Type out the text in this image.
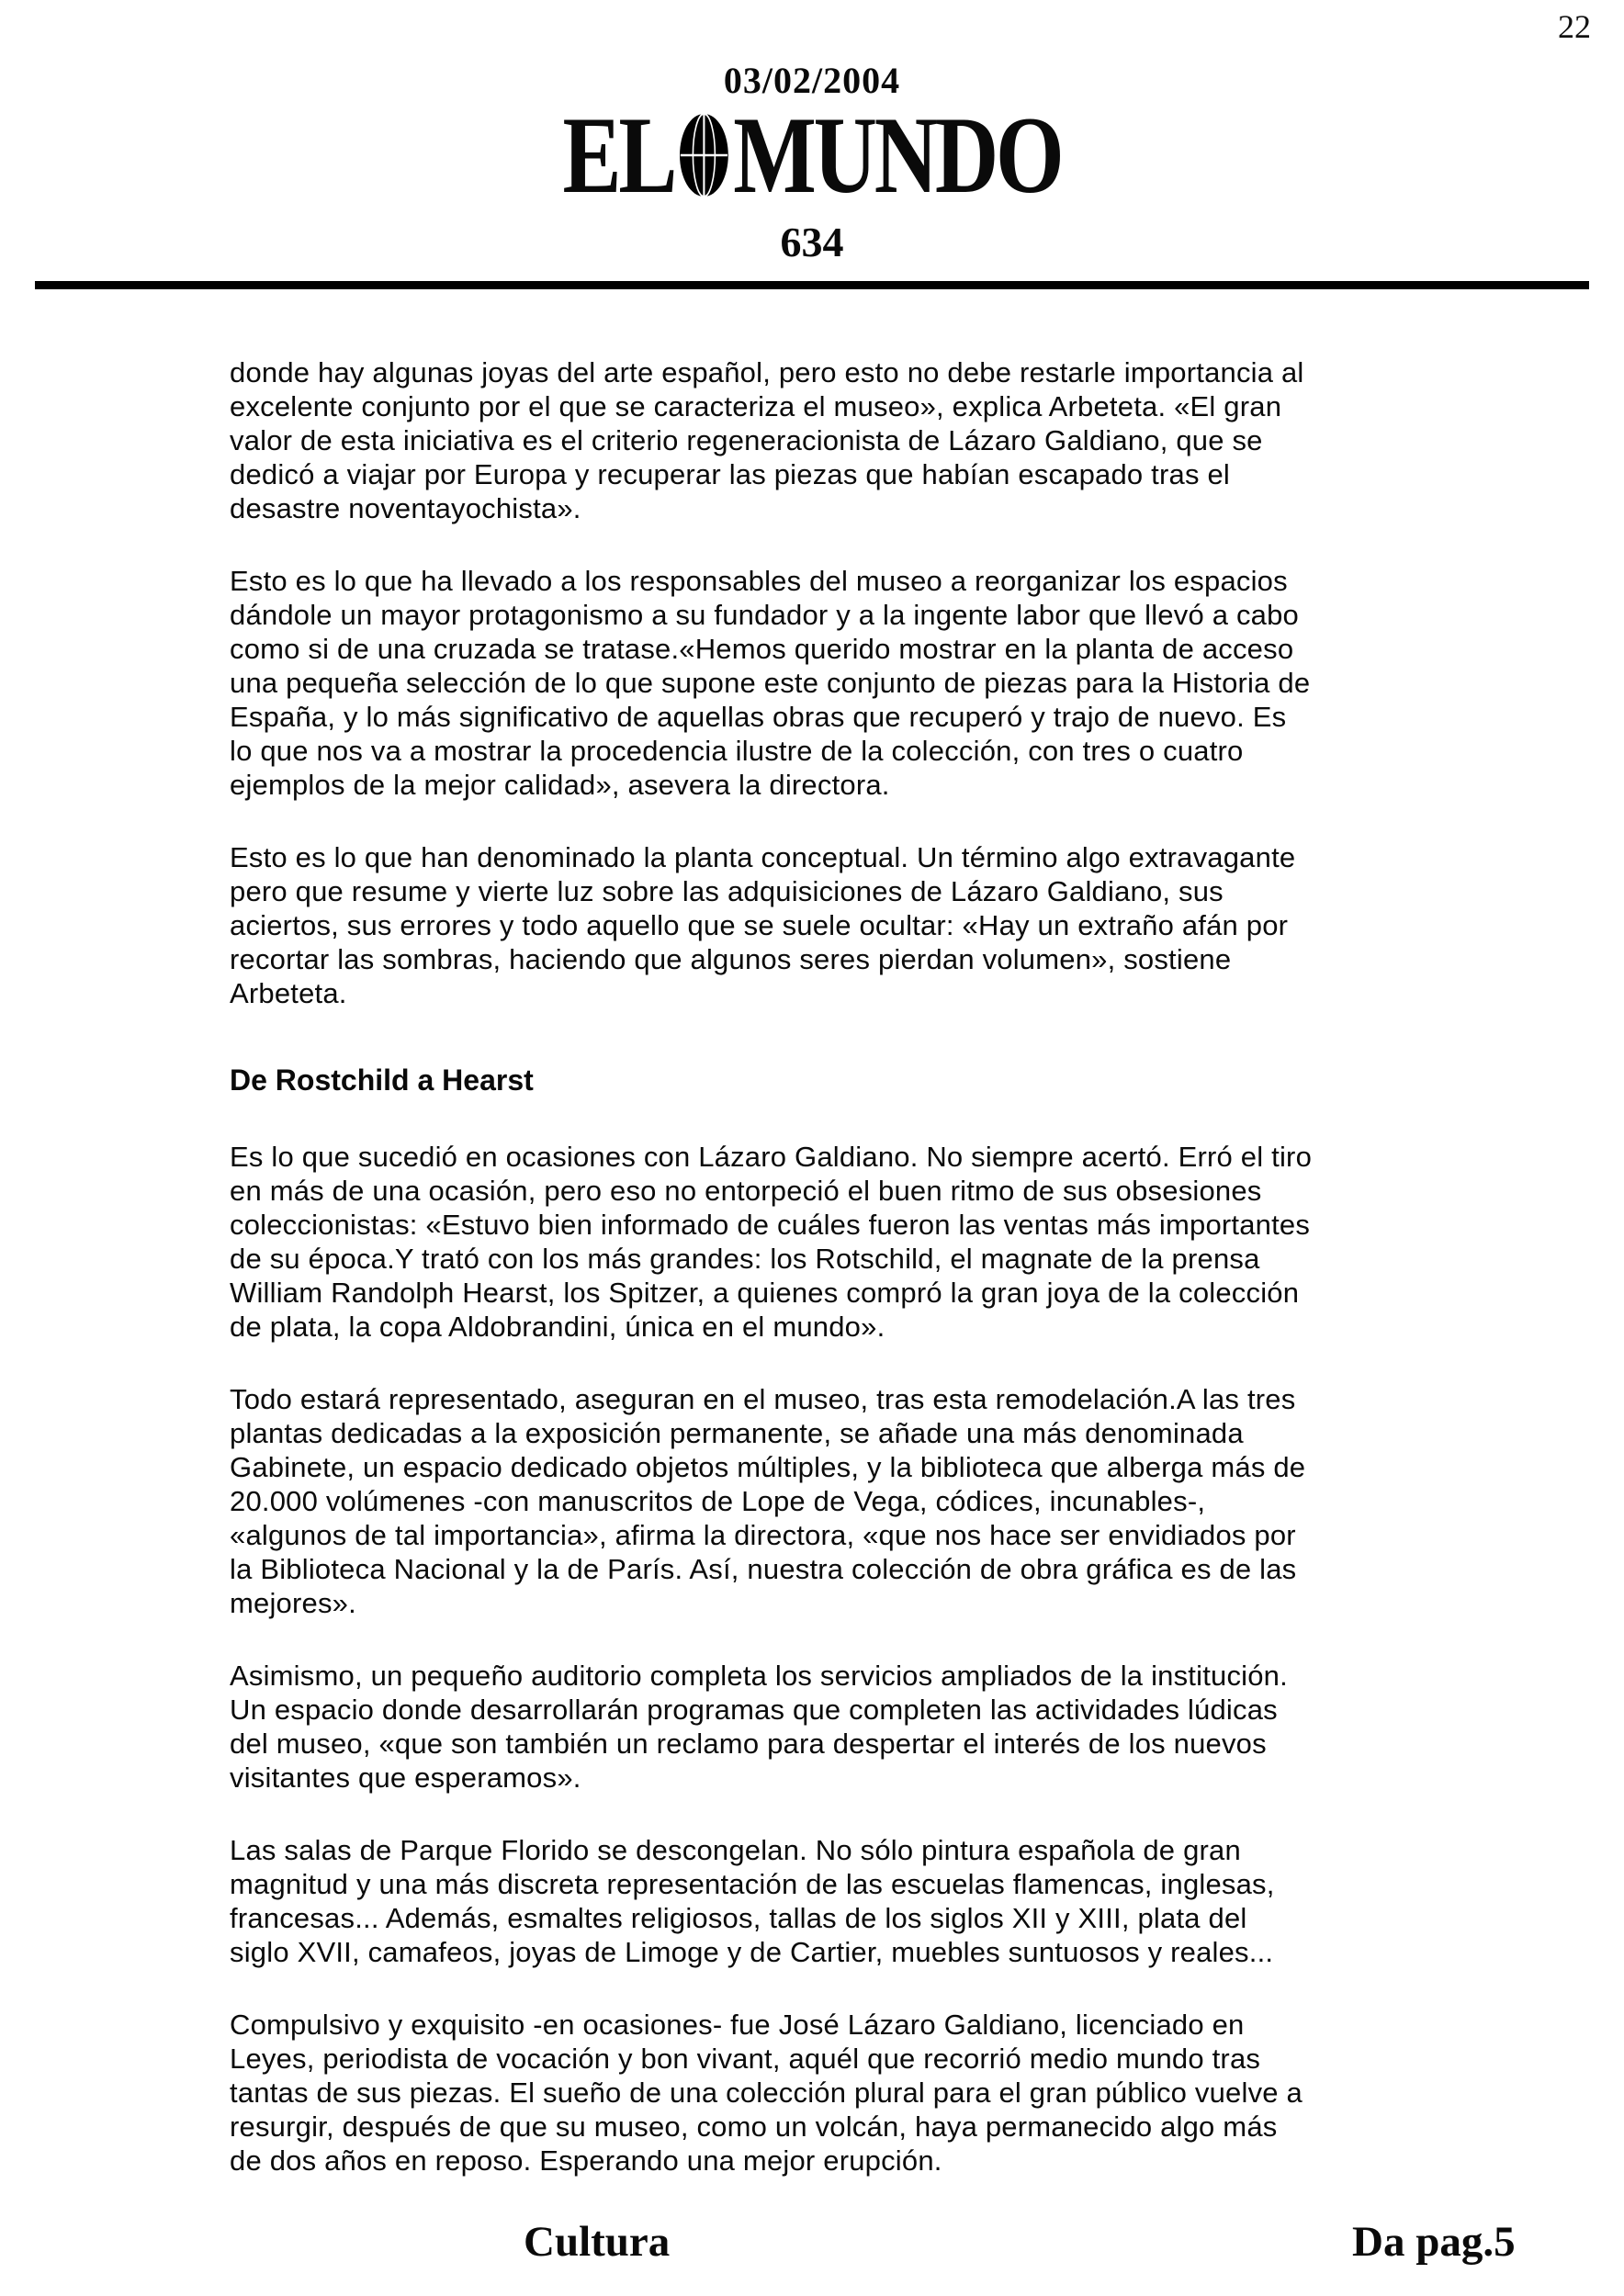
22
03/02/2004
EL MUNDO
634

donde hay algunas joyas del arte español, pero esto no debe restarle importancia al excelente conjunto por el que se caracteriza el museo», explica Arbeteta. «El gran valor de esta iniciativa es el criterio regeneracionista de Lázaro Galdiano, que se dedicó a viajar por Europa y recuperar las piezas que habían escapado tras el desastre noventayochista».

Esto es lo que ha llevado a los responsables del museo a reorganizar los espacios dándole un mayor protagonismo a su fundador y a la ingente labor que llevó a cabo como si de una cruzada se tratase.«Hemos querido mostrar en la planta de acceso una pequeña selección de lo que supone este conjunto de piezas para la Historia de España, y lo más significativo de aquellas obras que recuperó y trajo de nuevo. Es lo que nos va a mostrar la procedencia ilustre de la colección, con tres o cuatro ejemplos de la mejor calidad», asevera la directora.

Esto es lo que han denominado la planta conceptual. Un término algo extravagante pero que resume y vierte luz sobre las adquisiciones de Lázaro Galdiano, sus aciertos, sus errores y todo aquello que se suele ocultar: «Hay un extraño afán por recortar las sombras, haciendo que algunos seres pierdan volumen», sostiene Arbeteta.

De Rostchild a Hearst

Es lo que sucedió en ocasiones con Lázaro Galdiano. No siempre acertó. Erró el tiro en más de una ocasión, pero eso no entorpeció el buen ritmo de sus obsesiones coleccionistas: «Estuvo bien informado de cuáles fueron las ventas más importantes de su época.Y trató con los más grandes: los Rotschild, el magnate de la prensa William Randolph Hearst, los Spitzer, a quienes compró la gran joya de la colección de plata, la copa Aldobrandini, única en el mundo».

Todo estará representado, aseguran en el museo, tras esta remodelación.A las tres plantas dedicadas a la exposición permanente, se añade una más denominada Gabinete, un espacio dedicado objetos múltiples, y la biblioteca que alberga más de 20.000 volúmenes -con manuscritos de Lope de Vega, códices, incunables-, «algunos de tal importancia», afirma la directora, «que nos hace ser envidiados por la Biblioteca Nacional y la de París. Así, nuestra colección de obra gráfica es de las mejores».

Asimismo, un pequeño auditorio completa los servicios ampliados de la institución. Un espacio donde desarrollarán programas que completen las actividades lúdicas del museo, «que son también un reclamo para despertar el interés de los nuevos visitantes que esperamos».

Las salas de Parque Florido se descongelan. No sólo pintura española de gran magnitud y una más discreta representación de las escuelas flamencas, inglesas, francesas... Además, esmaltes religiosos, tallas de los siglos XII y XIII, plata del siglo XVII, camafeos, joyas de Limoge y de Cartier, muebles suntuosos y reales...

Compulsivo y exquisito -en ocasiones- fue José Lázaro Galdiano, licenciado en Leyes, periodista de vocación y bon vivant, aquél que recorrió medio mundo tras tantas de sus piezas. El sueño de una colección plural para el gran público vuelve a resurgir, después de que su museo, como un volcán, haya permanecido algo más de dos años en reposo. Esperando una mejor erupción.

Cultura	Da pag.5
